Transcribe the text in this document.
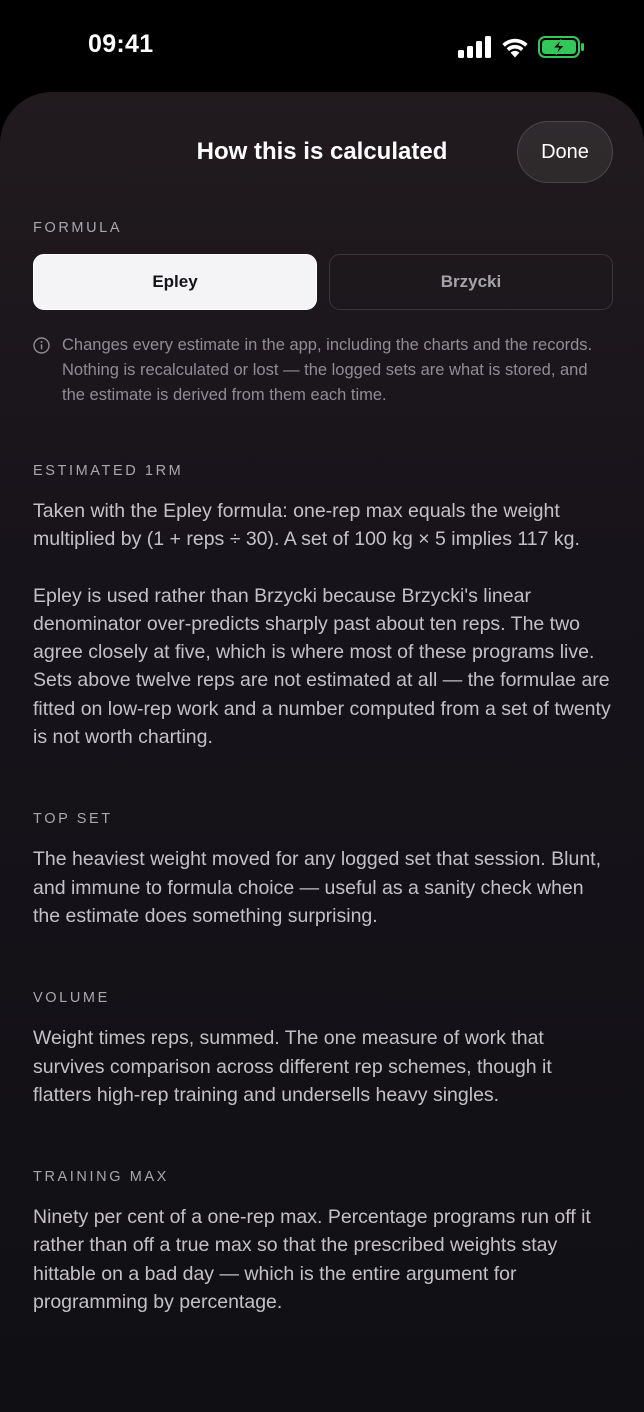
09:41
How this is calculated	Done
FORMULA
Epley	Brzycki

Changes every estimate in the app, including the charts and the records. Nothing is recalculated or lost — the logged sets are what is stored, and the estimate is derived from them each time.

ESTIMATED 1RM

Taken with the Epley formula: one-rep max equals the weight multiplied by (1 + reps ÷ 30). A set of 100 kg × 5 implies 117 kg.

Epley is used rather than Brzycki because Brzycki's linear denominator over-predicts sharply past about ten reps. The two agree closely at five, which is where most of these programs live. Sets above twelve reps are not estimated at all — the formulae are fitted on low-rep work and a number computed from a set of twenty is not worth charting.

TOP SET

The heaviest weight moved for any logged set that session. Blunt, and immune to formula choice — useful as a sanity check when the estimate does something surprising.

VOLUME

Weight times reps, summed. The one measure of work that survives comparison across different rep schemes, though it flatters high-rep training and undersells heavy singles.

TRAINING MAX

Ninety per cent of a one-rep max. Percentage programs run off it rather than off a true max so that the prescribed weights stay hittable on a bad day — which is the entire argument for programming by percentage.
